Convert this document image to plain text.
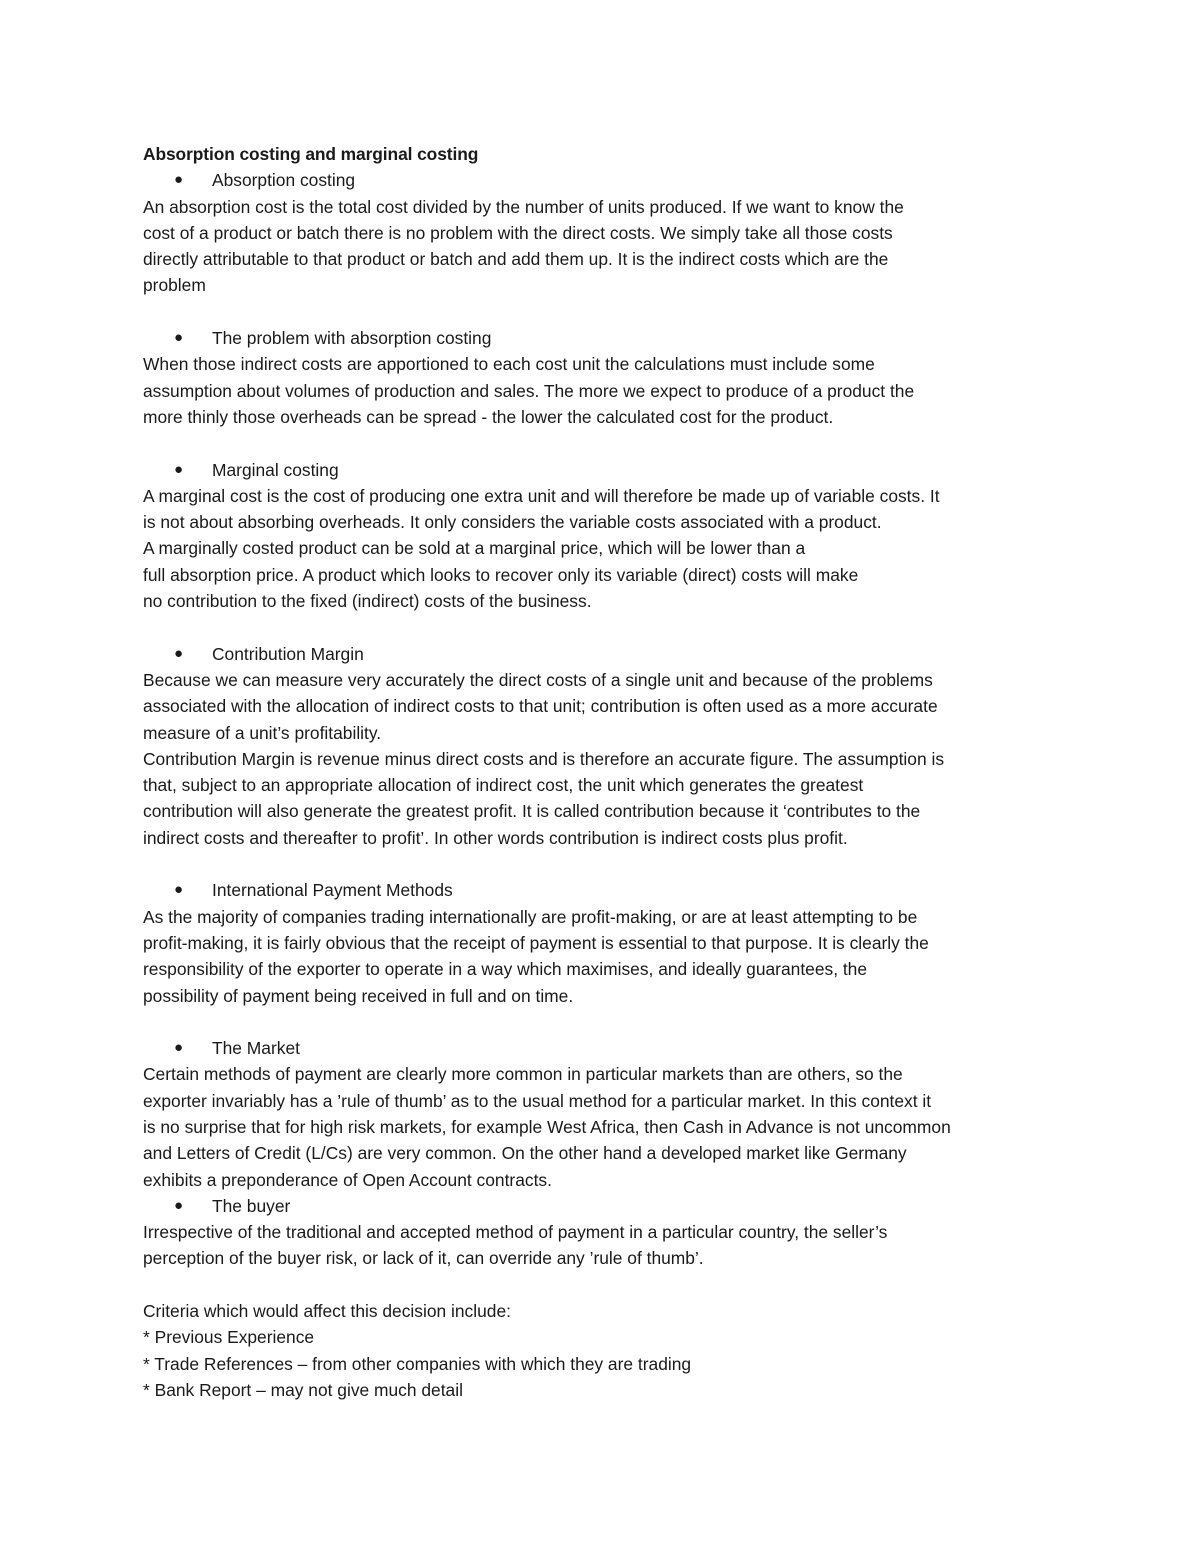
Absorption costing and marginal costing

● Absorption costing

An absorption cost is the total cost divided by the number of units produced. If we want to know the
cost of a product or batch there is no problem with the direct costs. We simply take all those costs
directly attributable to that product or batch and add them up. It is the indirect costs which are the
problem

● The problem with absorption costing

When those indirect costs are apportioned to each cost unit the calculations must include some
assumption about volumes of production and sales. The more we expect to produce of a product the
more thinly those overheads can be spread - the lower the calculated cost for the product.

● Marginal costing

A marginal cost is the cost of producing one extra unit and will therefore be made up of variable costs. It
is not about absorbing overheads. It only considers the variable costs associated with a product.
A marginally costed product can be sold at a marginal price, which will be lower than a
full absorption price. A product which looks to recover only its variable (direct) costs will make
no contribution to the fixed (indirect) costs of the business.

● Contribution Margin

Because we can measure very accurately the direct costs of a single unit and because of the problems
associated with the allocation of indirect costs to that unit; contribution is often used as a more accurate
measure of a unit’s profitability.
Contribution Margin is revenue minus direct costs and is therefore an accurate figure. The assumption is
that, subject to an appropriate allocation of indirect cost, the unit which generates the greatest
contribution will also generate the greatest profit. It is called contribution because it ‘contributes to the
indirect costs and thereafter to profit’. In other words contribution is indirect costs plus profit.

● International Payment Methods

As the majority of companies trading internationally are profit-making, or are at least attempting to be
profit-making, it is fairly obvious that the receipt of payment is essential to that purpose. It is clearly the
responsibility of the exporter to operate in a way which maximises, and ideally guarantees, the
possibility of payment being received in full and on time.

● The Market

Certain methods of payment are clearly more common in particular markets than are others, so the
exporter invariably has a ’rule of thumb’ as to the usual method for a particular market. In this context it
is no surprise that for high risk markets, for example West Africa, then Cash in Advance is not uncommon
and Letters of Credit (L/Cs) are very common. On the other hand a developed market like Germany
exhibits a preponderance of Open Account contracts.

● The buyer

Irrespective of the traditional and accepted method of payment in a particular country, the seller’s
perception of the buyer risk, or lack of it, can override any ’rule of thumb’.

Criteria which would affect this decision include:
* Previous Experience
* Trade References – from other companies with which they are trading
* Bank Report – may not give much detail
